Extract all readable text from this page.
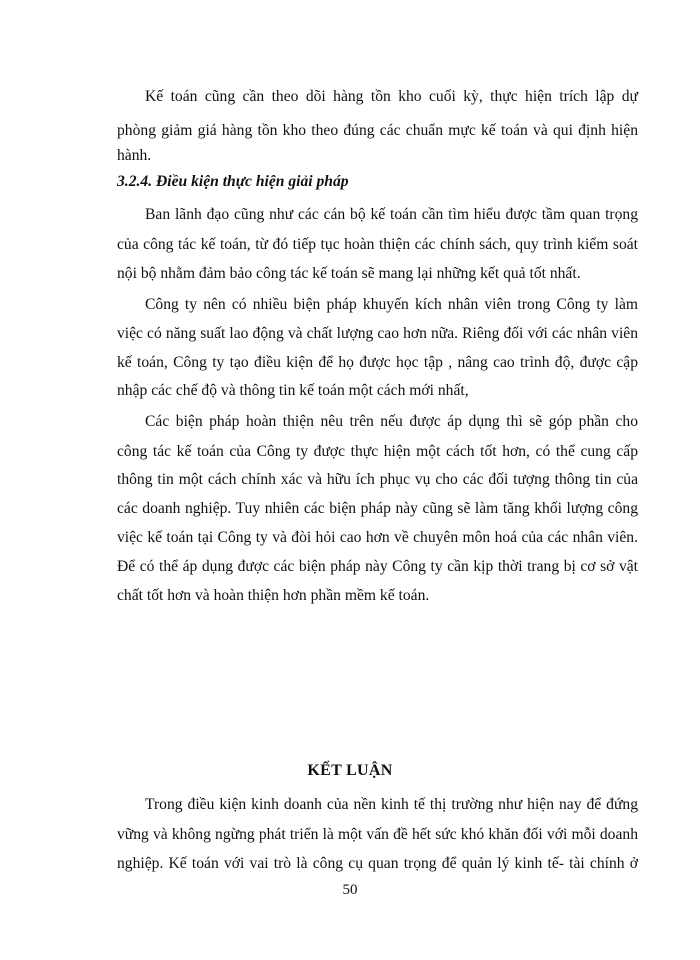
Kế toán cũng cần theo dõi hàng tồn kho cuối kỳ, thực hiện trích lập dự
phòng giảm giá hàng tồn kho theo đúng các chuẩn mực kế toán và qui định hiện
hành.
3.2.4. Điều kiện thực hiện giải pháp
Ban lãnh đạo cũng như các cán bộ kế toán cần tìm hiểu được tầm quan trọng
của công tác kế toán, từ đó tiếp tục hoàn thiện các chính sách, quy trình kiểm soát
nội bộ nhằm đảm bảo công tác kế toán sẽ mang lại những kết quả tốt nhất.
Công ty nên có nhiều biện pháp khuyến kích nhân viên trong Công ty làm
việc có năng suất lao động và chất lượng cao hơn nữa. Riêng đối với các nhân viên
kế toán, Công ty tạo điều kiện để họ được học tập , nâng cao trình độ, được cập
nhập các chế độ và thông tin kế toán một cách mới nhất,
Các biện pháp hoàn thiện nêu trên nếu được áp dụng thì sẽ góp phần cho
công tác kế toán của Công ty được thực hiện một cách tốt hơn, có thể cung cấp
thông tin một cách chính xác và hữu ích phục vụ cho các đối tượng thông tin của
các doanh nghiệp. Tuy nhiên các biện pháp này cũng sẽ làm tăng khối lượng công
việc kế toán tại Công ty và đòi hỏi cao hơn về chuyên môn hoá của các nhân viên.
Để có thể áp dụng được các biện pháp này Công ty cần kịp thời trang bị cơ sở vật
chất tốt hơn và hoàn thiện hơn phần mềm kế toán.
KẾT LUẬN
Trong điều kiện kinh doanh của nền kinh tế thị trường như hiện nay để đứng
vững và không ngừng phát triển là một vấn đề hết sức khó khăn đối với mỗi doanh
nghiệp. Kế toán với vai trò là công cụ quan trọng để quản lý kinh tế- tài chính ở
50
